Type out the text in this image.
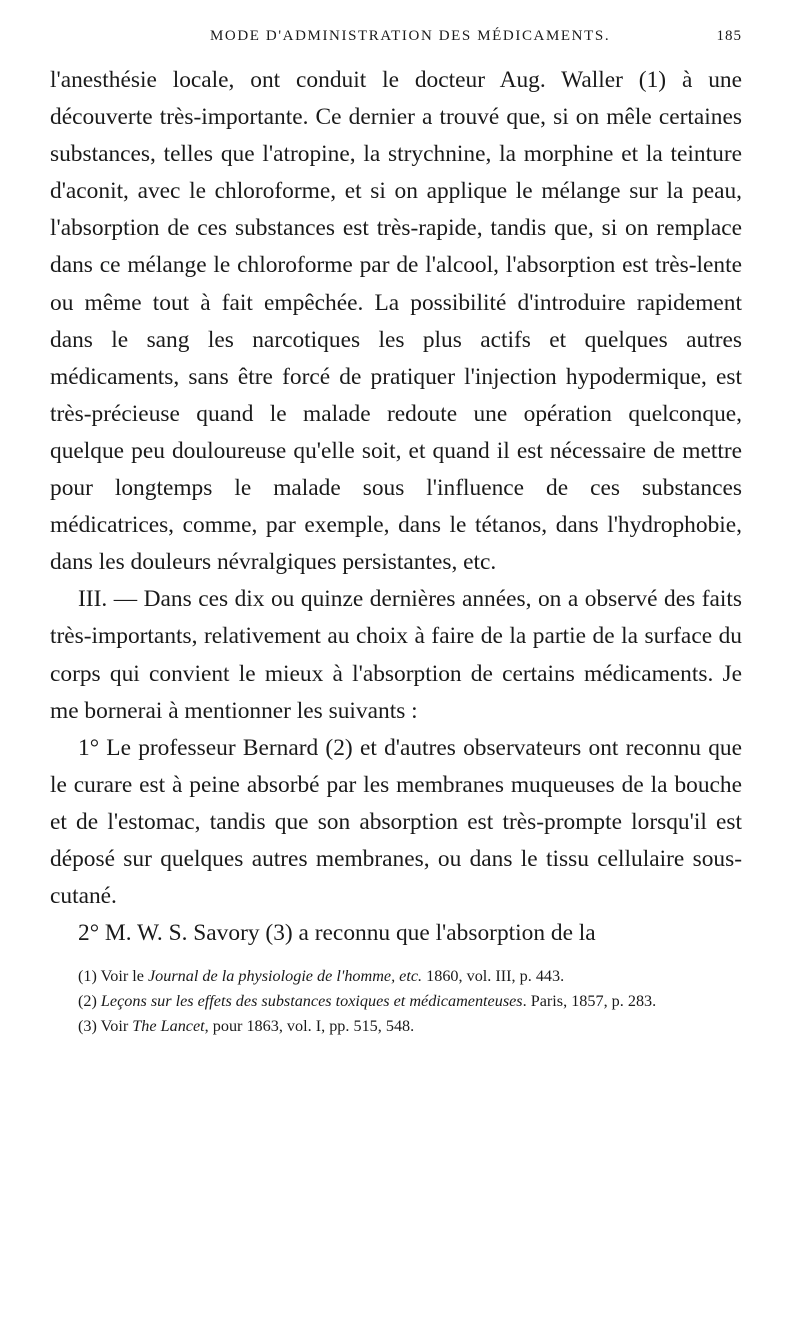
MODE D'ADMINISTRATION DES MÉDICAMENTS.	185

l'anesthésie locale, ont conduit le docteur Aug. Waller (1) à une découverte très-importante. Ce dernier a trouvé que, si on mêle certaines substances, telles que l'atropine, la strychnine, la morphine et la teinture d'aconit, avec le chloroforme, et si on applique le mélange sur la peau, l'absorption de ces substances est très-rapide, tandis que, si on remplace dans ce mélange le chloroforme par de l'alcool, l'absorption est très-lente ou même tout à fait empêchée. La possibilité d'introduire rapidement dans le sang les narcotiques les plus actifs et quelques autres médicaments, sans être forcé de pratiquer l'injection hypodermique, est très-précieuse quand le malade redoute une opération quelconque, quelque peu douloureuse qu'elle soit, et quand il est nécessaire de mettre pour longtemps le malade sous l'influence de ces substances médicatrices, comme, par exemple, dans le tétanos, dans l'hydrophobie, dans les douleurs névralgiques persistantes, etc.

III. — Dans ces dix ou quinze dernières années, on a observé des faits très-importants, relativement au choix à faire de la partie de la surface du corps qui convient le mieux à l'absorption de certains médicaments. Je me bornerai à mentionner les suivants :

1° Le professeur Bernard (2) et d'autres observateurs ont reconnu que le curare est à peine absorbé par les membranes muqueuses de la bouche et de l'estomac, tandis que son absorption est très-prompte lorsqu'il est déposé sur quelques autres membranes, ou dans le tissu cellulaire sous-cutané.

2° M. W. S. Savory (3) a reconnu que l'absorption de la

(1) Voir le Journal de la physiologie de l'homme, etc. 1860, vol. III, p. 443.

(2) Leçons sur les effets des substances toxiques et médicamenteuses. Paris, 1857, p. 283.

(3) Voir The Lancet, pour 1863, vol. I, pp. 515, 548.
